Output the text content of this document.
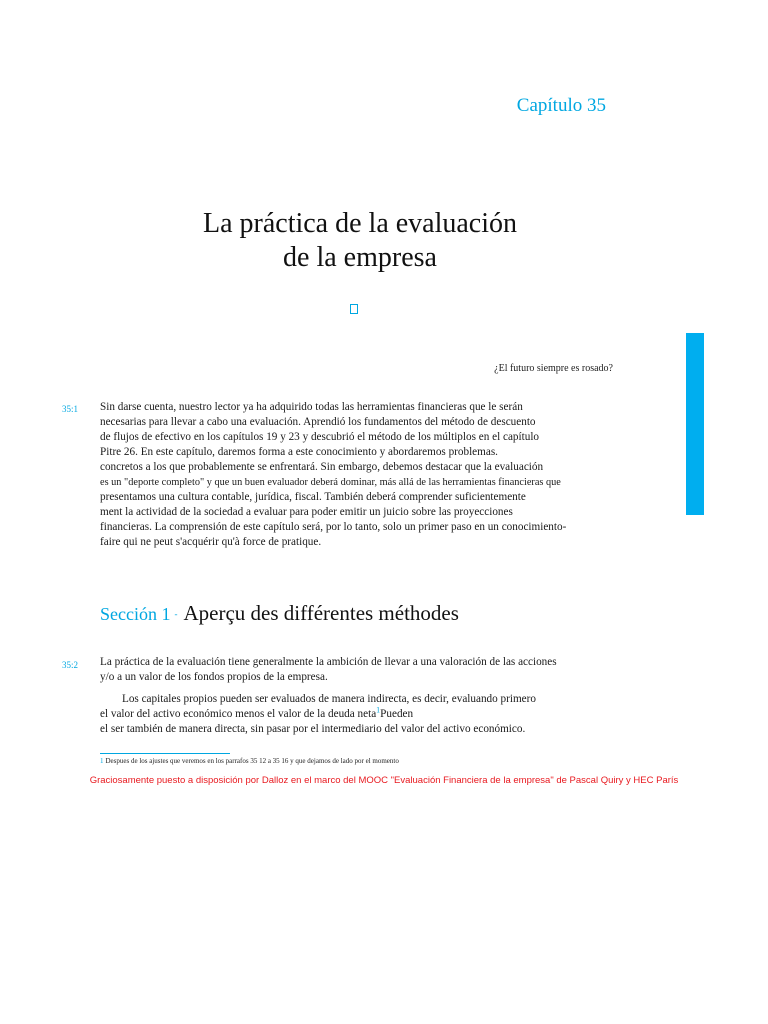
Capítulo 35
La práctica de la evaluación
de la empresa

¿El futuro siempre es rosado?

35:1 Sin darse cuenta, nuestro lector ya ha adquirido todas las herramientas financieras que le serán
necesarias para llevar a cabo una evaluación. Aprendió los fundamentos del método de descuento
de flujos de efectivo en los capítulos 19 y 23 y descubrió el método de los múltiplos en el capítulo
Pitre 26. En este capítulo, daremos forma a este conocimiento y abordaremos problemas.
concretos a los que probablemente se enfrentará. Sin embargo, debemos destacar que la evaluación
es un "deporte completo" y que un buen evaluador deberá dominar, más allá de las herramientas financieras que
presentamos una cultura contable, jurídica, fiscal. También deberá comprender suficientemente
ment la actividad de la sociedad a evaluar para poder emitir un juicio sobre las proyecciones
financieras. La comprensión de este capítulo será, por lo tanto, solo un primer paso en un conocimiento-
faire qui ne peut s'acquérir qu'à force de pratique.

Sección 1 - Aperçu des différentes méthodes
35:2 La práctica de la evaluación tiene generalmente la ambición de llevar a una valoración de las acciones
y/o a un valor de los fondos propios de la empresa.

Los capitales propios pueden ser evaluados de manera indirecta, es decir, evaluando primero
el valor del activo económico menos el valor de la deuda neta$^1$Pueden
el ser también de manera directa, sin pasar por el intermediario del valor del activo económico.

1 Despues de los ajustes que veremos en los parrafos 35 12 a 35 16 y que dejamos de lado por el momento

Graciosamente puesto a disposición por Dalloz en el marco del MOOC "Evaluación Financiera de la empresa" de Pascal Quiry y HEC París
